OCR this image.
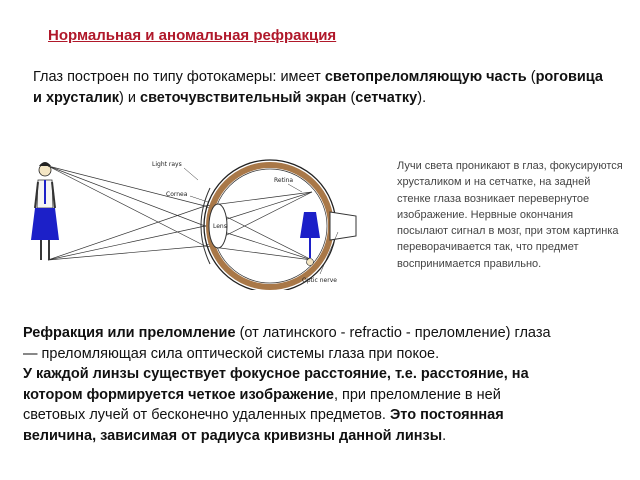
Нормальная и аномальная рефракция

Глаз построен по типу фотокамеры: имеет светопреломляющую часть (роговица и хрусталик) и светочувствительный экран (сетчатку).

Light rays
Cornea
Lens
Retina
Optic nerve

Лучи света проникают в глаз, фокусируются хрусталиком и на сетчатке, на задней стенке глаза возникает перевернутое изображение. Нервные окончания посылают сигнал в мозг, при этом картинка переворачивается так, что предмет воспринимается правильно.

Рефракция или преломление (от латинского - refractio - преломление) глаза
— преломляющая сила оптической системы глаза при покое.
У каждой линзы существует фокусное расстояние, т.е. расстояние, на
котором формируется четкое изображение, при преломление в ней
световых лучей от бесконечно удаленных предметов. Это постоянная
величина, зависимая от радиуса кривизны данной линзы.
